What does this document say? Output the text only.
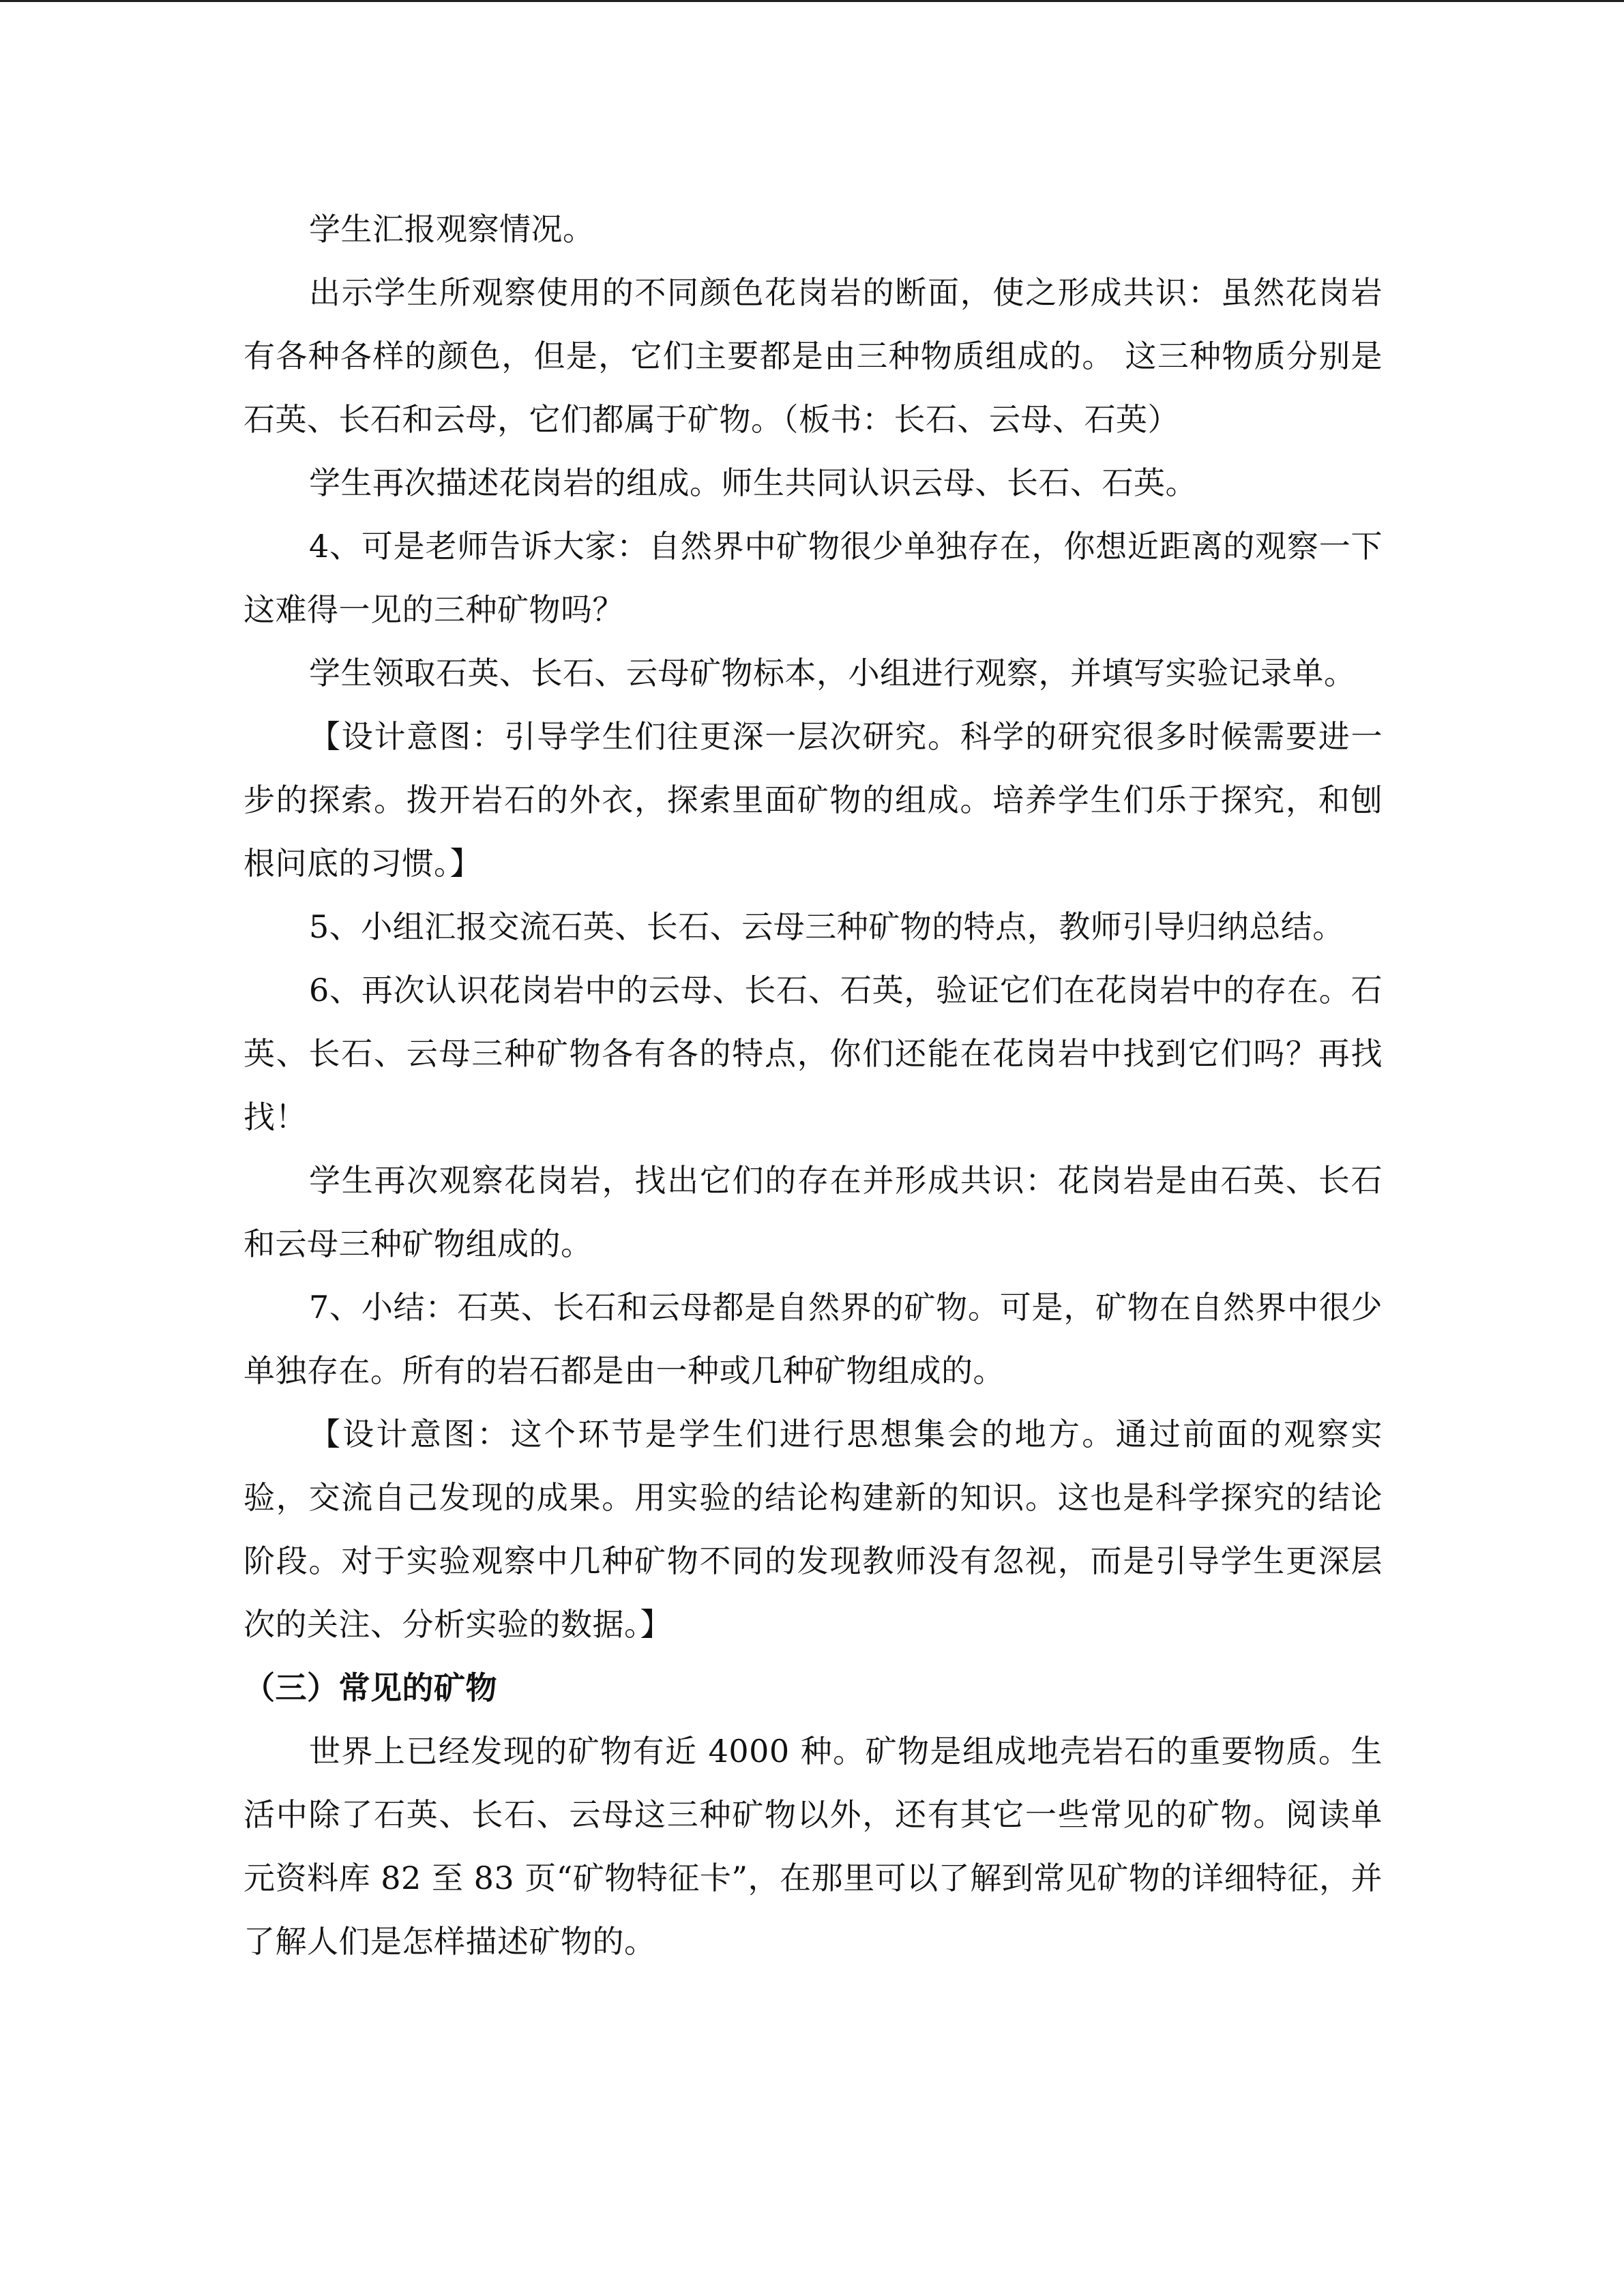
学生汇报观察情况。

出示学生所观察使用的不同颜色花岗岩的断面，使之形成共识：虽然花岗岩有各种各样的颜色，但是，它们主要都是由三种物质组成的。 这三种物质分别是石英、长石和云母，它们都属于矿物。（板书：长石、云母、石英）

学生再次描述花岗岩的组成。师生共同认识云母、长石、石英。

4、可是老师告诉大家：自然界中矿物很少单独存在，你想近距离的观察一下这难得一见的三种矿物吗？

学生领取石英、长石、云母矿物标本，小组进行观察，并填写实验记录单。

【设计意图：引导学生们往更深一层次研究。科学的研究很多时候需要进一步的探索。拨开岩石的外衣，探索里面矿物的组成。培养学生们乐于探究，和刨根问底的习惯。】

5、小组汇报交流石英、长石、云母三种矿物的特点，教师引导归纳总结。

6、再次认识花岗岩中的云母、长石、石英，验证它们在花岗岩中的存在。石英、长石、云母三种矿物各有各的特点，你们还能在花岗岩中找到它们吗？再找找！

学生再次观察花岗岩，找出它们的存在并形成共识：花岗岩是由石英、长石和云母三种矿物组成的。

7、小结：石英、长石和云母都是自然界的矿物。可是，矿物在自然界中很少单独存在。所有的岩石都是由一种或几种矿物组成的。

【设计意图：这个环节是学生们进行思想集会的地方。通过前面的观察实验，交流自己发现的成果。用实验的结论构建新的知识。这也是科学探究的结论阶段。对于实验观察中几种矿物不同的发现教师没有忽视，而是引导学生更深层次的关注、分析实验的数据。】

（三）常见的矿物

世界上已经发现的矿物有近 4000 种。矿物是组成地壳岩石的重要物质。生活中除了石英、长石、云母这三种矿物以外，还有其它一些常见的矿物。阅读单元资料库 82 至 83 页“矿物特征卡”，在那里可以了解到常见矿物的详细特征，并了解人们是怎样描述矿物的。
